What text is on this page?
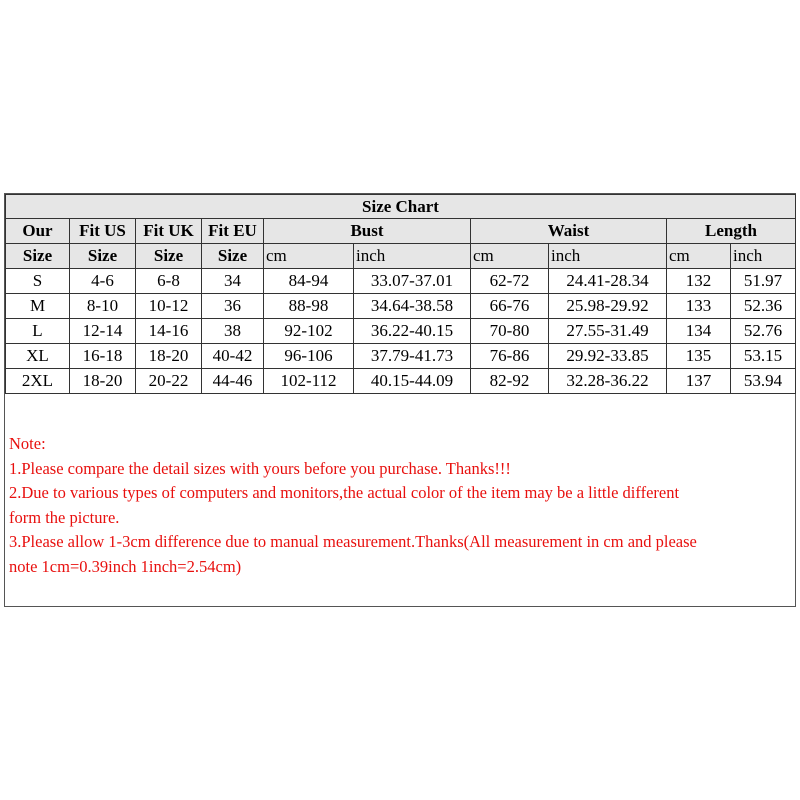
Size Chart									
Our	Fit US	Fit UK	Fit EU	Bust		Waist		Length	
Size	Size	Size	Size	cm	inch	cm	inch	cm	inch
S	4-6	6-8	34	84-94	33.07-37.01	62-72	24.41-28.34	132	51.97
M	8-10	10-12	36	88-98	34.64-38.58	66-76	25.98-29.92	133	52.36
L	12-14	14-16	38	92-102	36.22-40.15	70-80	27.55-31.49	134	52.76
XL	16-18	18-20	40-42	96-106	37.79-41.73	76-86	29.92-33.85	135	53.15
2XL	18-20	20-22	44-46	102-112	40.15-44.09	82-92	32.28-36.22	137	53.94
Note:
1.Please compare the detail sizes with yours before you purchase. Thanks!!!
2.Due to various types of computers and monitors,the actual color of the item may be a little different
form the picture.
3.Please allow 1-3cm difference due to manual measurement.Thanks(All measurement in cm and please
note 1cm=0.39inch 1inch=2.54cm)
